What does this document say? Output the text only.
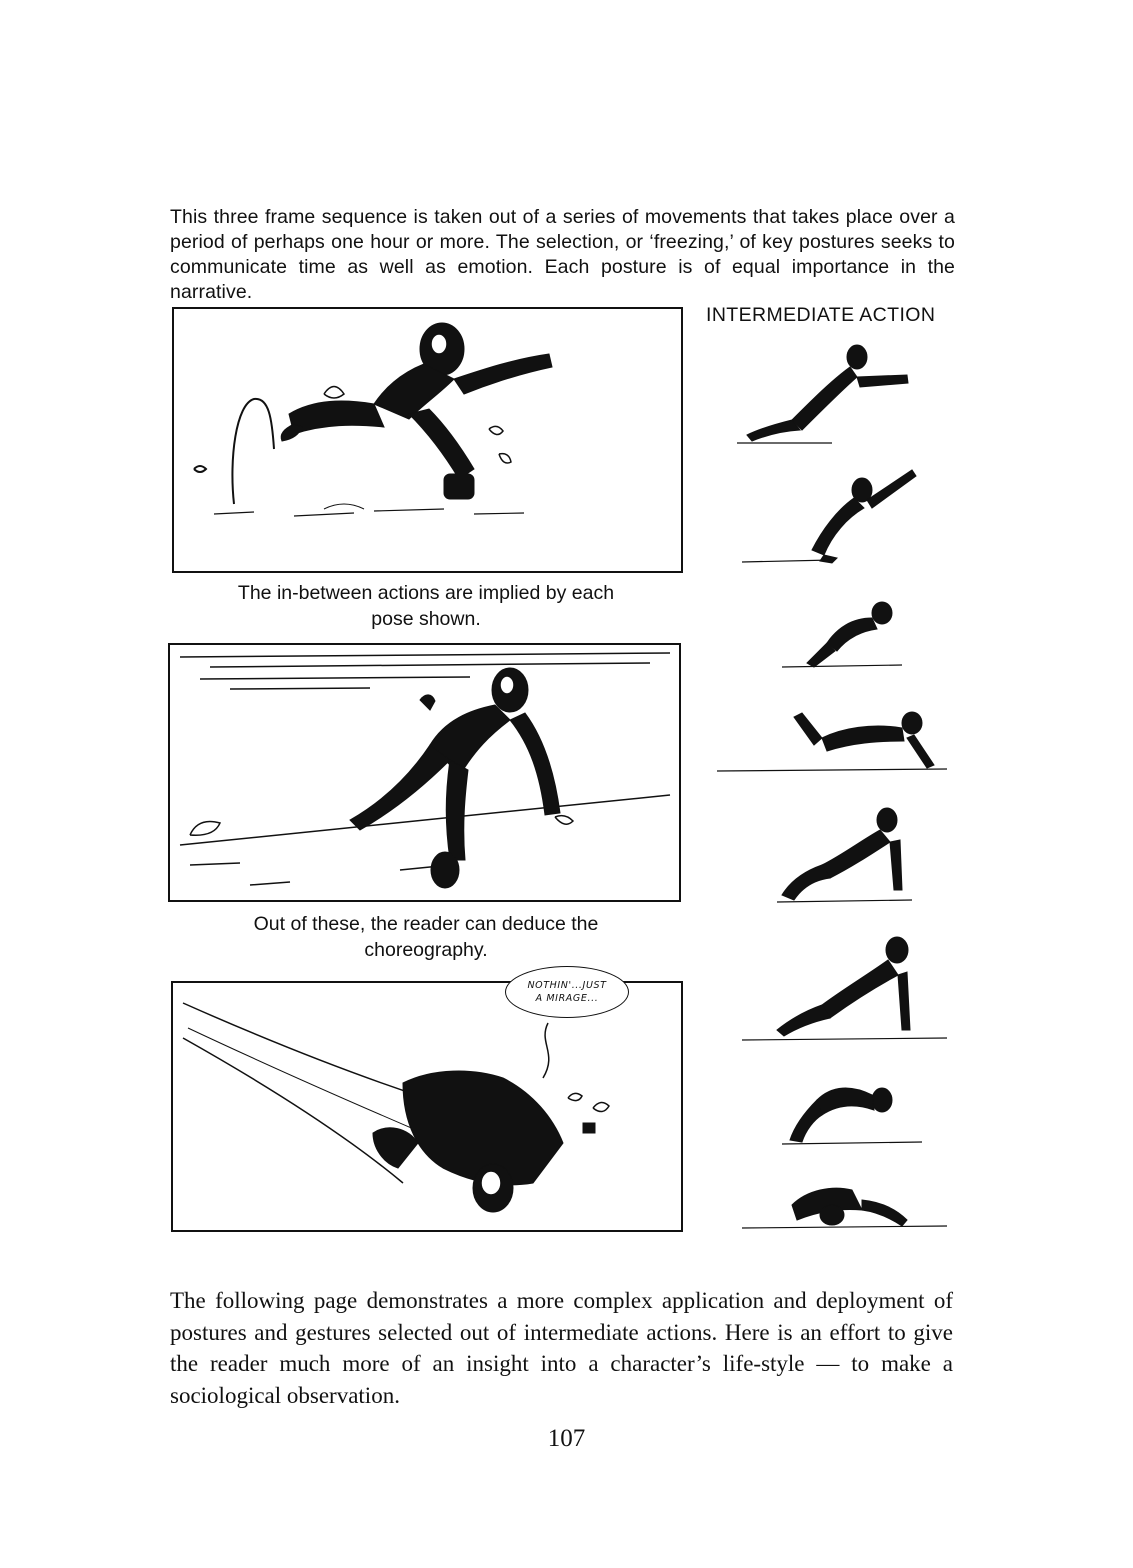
This three frame sequence is taken out of a series of movements that takes place over a period of perhaps one hour or more. The selection, or ‘freezing,’ of key postures seeks to communicate time as well as emotion. Each posture is of equal importance in the narrative.

INTERMEDIATE ACTION
The in-between actions are implied by each pose shown.
Out of these, the reader can deduce the choreography.
NOTHIN'...JUST
A MIRAGE...

The following page demonstrates a more complex application and deployment of postures and gestures selected out of intermediate actions. Here is an effort to give the reader much more of an insight into a character’s life-style — to make a sociological observation.

107
